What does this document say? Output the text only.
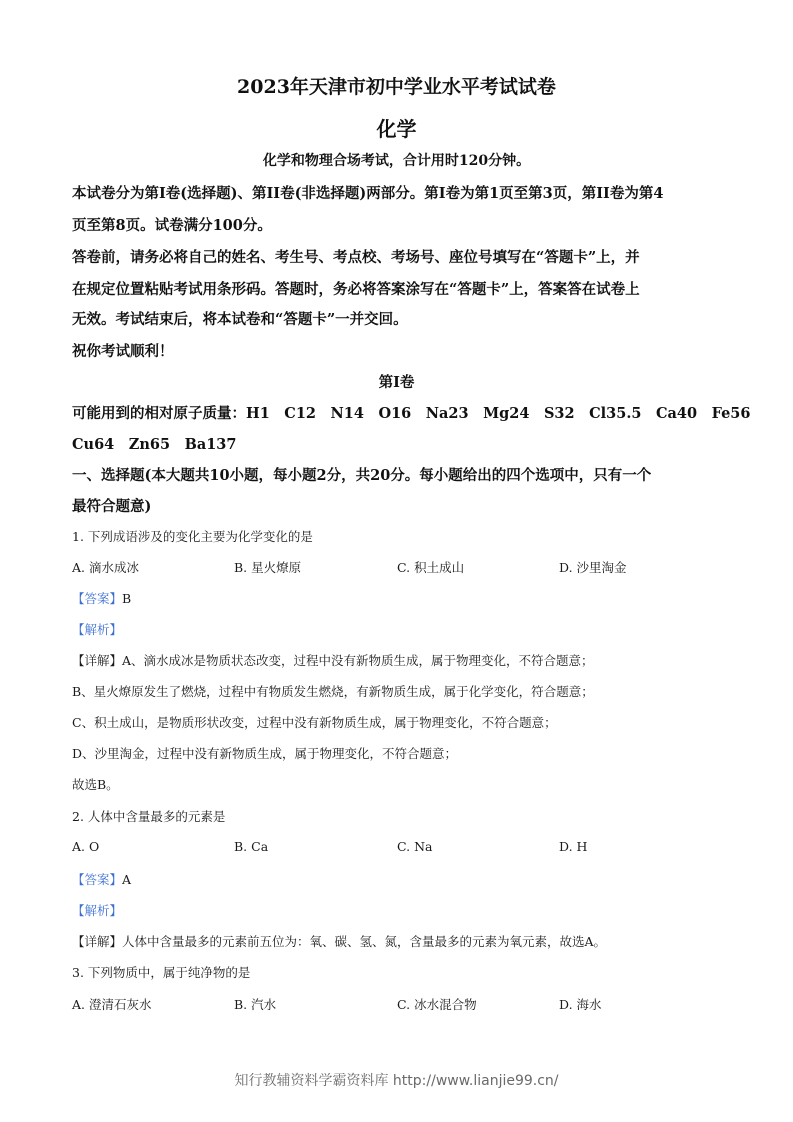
2023年天津市初中学业水平考试试卷
化学
化学和物理合场考试，合计用时120分钟。
本试卷分为第I卷(选择题)、第II卷(非选择题)两部分。第I卷为第1页至第3页，第II卷为第4
页至第8页。试卷满分100分。
答卷前，请务必将自己的姓名、考生号、考点校、考场号、座位号填写在“答题卡”上，并
在规定位置粘贴考试用条形码。答题时，务必将答案涂写在“答题卡”上，答案答在试卷上
无效。考试结束后，将本试卷和“答题卡”一并交回。
祝你考试顺利！
第I卷
可能用到的相对原子质量：H1　C12　N14　O16　Na23　Mg24　S32　Cl35.5　Ca40　Fe56
Cu64　Zn65　Ba137
一、选择题(本大题共10小题，每小题2分，共20分。每小题给出的四个选项中，只有一个
最符合题意)
1. 下列成语涉及的变化主要为化学变化的是
A. 滴水成冰	B. 星火燎原	C. 积土成山	D. 沙里淘金
【答案】B
【解析】
【详解】A、滴水成冰是物质状态改变，过程中没有新物质生成，属于物理变化，不符合题意；
B、星火燎原发生了燃烧，过程中有物质发生燃烧，有新物质生成，属于化学变化，符合题意；
C、积土成山，是物质形状改变，过程中没有新物质生成，属于物理变化，不符合题意；
D、沙里淘金，过程中没有新物质生成，属于物理变化，不符合题意；
故选B。
2. 人体中含量最多的元素是
A. O	B. Ca	C. Na	D. H
【答案】A
【解析】
【详解】人体中含量最多的元素前五位为：氧、碳、氢、氮，含量最多的元素为氧元素，故选A。
3. 下列物质中，属于纯净物的是
A. 澄清石灰水	B. 汽水	C. 冰水混合物	D. 海水
知行教辅资料学霸资料库 http://www.lianjie99.cn/
